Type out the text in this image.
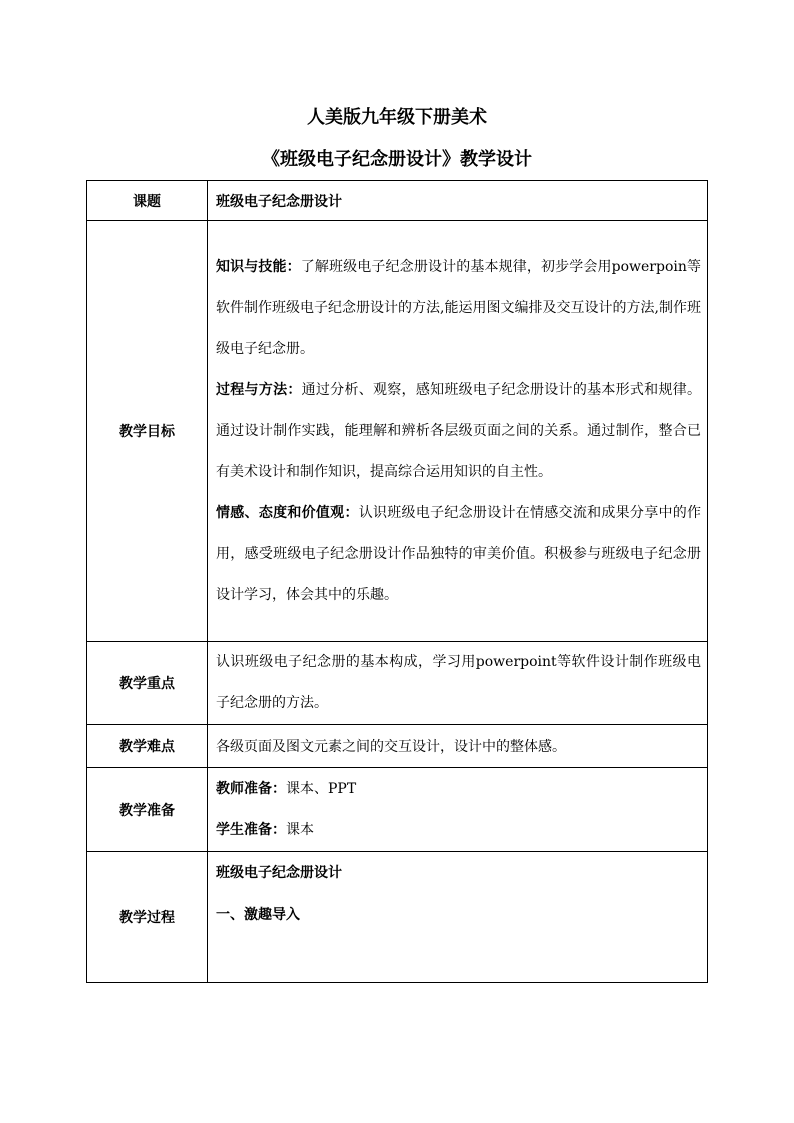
人美版九年级下册美术
《班级电子纪念册设计》教学设计
课题	班级电子纪念册设计
教学目标	知识与技能：了解班级电子纪念册设计的基本规律，初步学会用powerpoin等软件制作班级电子纪念册设计的方法,能运用图文编排及交互设计的方法,制作班级电子纪念册。

过程与方法：通过分析、观察，感知班级电子纪念册设计的基本形式和规律。通过设计制作实践，能理解和辨析各层级页面之间的关系。通过制作，整合已有美术设计和制作知识，提高综合运用知识的自主性。

情感、态度和价值观：认识班级电子纪念册设计在情感交流和成果分享中的作用，感受班级电子纪念册设计作品独特的审美价值。积极参与班级电子纪念册设计学习，体会其中的乐趣。

教学重点	认识班级电子纪念册的基本构成，学习用powerpoint等软件设计制作班级电子纪念册的方法。

教学难点	各级页面及图文元素之间的交互设计，设计中的整体感。
教学准备	教师准备：课本、PPT

学生准备：课本

教学过程	班级电子纪念册设计

一、激趣导入
